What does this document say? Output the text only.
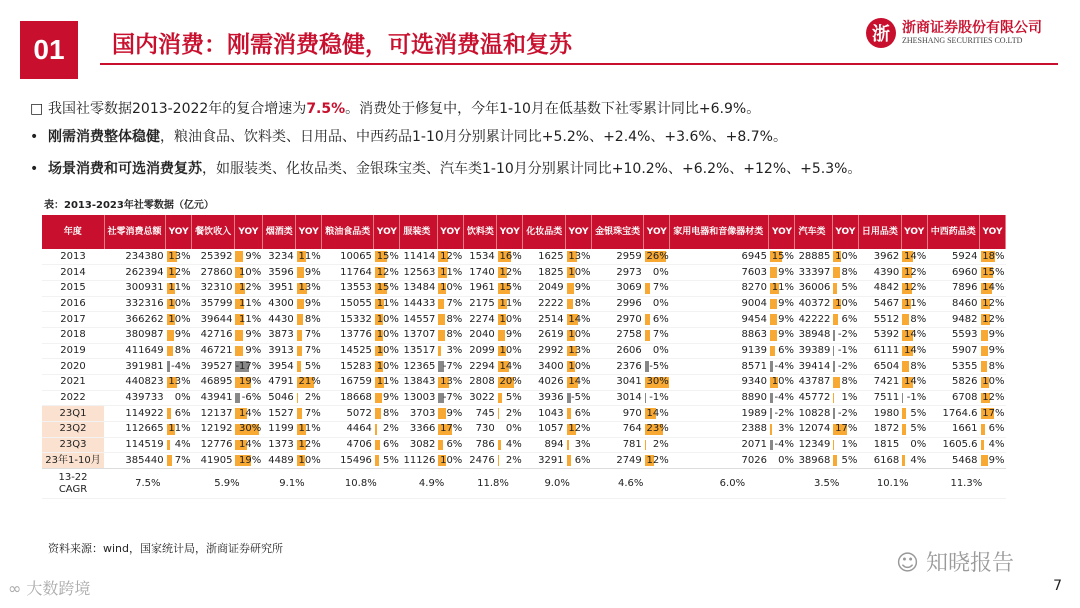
01	国内消费：刚需消费稳健，可选消费温和复苏	浙 浙商证券股份有限公司
ZHESHANG SECURITIES CO.LTD
□ 我国社零数据2013-2022年的复合增速为7.5%。消费处于修复中，今年1-10月在低基数下社零累计同比+6.9%。
• 刚需消费整体稳健，粮油食品、饮料类、日用品、中西药品1-10月分别累计同比+5.2%、+2.4%、+3.6%、+8.7%。
• 场景消费和可选消费复苏，如服装类、化妆品类、金银珠宝类、汽车类1-10月分别累计同比+10.2%、+6.2%、+12%、+5.3%。
表：2013-2023年社零数据（亿元）
年度	社零消费总额	YOY	餐饮收入	YOY	烟酒类	YOY	粮油食品类	YOY	服装类	YOY	饮料类	YOY	化妆品类	YOY	金银珠宝类	YOY	家用电器和音像器材类	YOY	汽车类	YOY	日用品类	YOY	中西药品类	YOY
2013	234380	13%	25392	9%	3234	11%	10065	15%	11414	12%	1534	16%	1625	13%	2959	26%	6945	15%	28885	10%	3962	14%	5924	18%
2014	262394	12%	27860	10%	3596	9%	11764	12%	12563	11%	1740	12%	1825	10%	2973	0%	7603	9%	33397	8%	4390	12%	6960	15%
2015	300931	11%	32310	12%	3951	13%	13553	15%	13484	10%	1961	15%	2049	9%	3069	7%	8270	11%	36006	5%	4842	12%	7896	14%
2016	332316	10%	35799	11%	4300	9%	15055	11%	14433	7%	2175	11%	2222	8%	2996	0%	9004	9%	40372	10%	5467	11%	8460	12%
2017	366262	10%	39644	11%	4430	8%	15332	10%	14557	8%	2274	10%	2514	14%	2970	6%	9454	9%	42222	6%	5512	8%	9482	12%
2018	380987	9%	42716	9%	3873	7%	13776	10%	13707	8%	2040	9%	2619	10%	2758	7%	8863	9%	38948	-2%	5392	14%	5593	9%
2019	411649	8%	46721	9%	3913	7%	14525	10%	13517	3%	2099	10%	2992	13%	2606	0%	9139	6%	39389	-1%	6111	14%	5907	9%
2020	391981	-4%	39527	-17%	3954	5%	15283	10%	12365	-7%	2294	14%	3400	10%	2376	-5%	8571	-4%	39414	-2%	6504	8%	5355	8%
2021	440823	13%	46895	19%	4791	21%	16759	11%	13843	13%	2808	20%	4026	14%	3041	30%	9340	10%	43787	8%	7421	14%	5826	10%
2022	439733	0%	43941	-6%	5046	2%	18668	9%	13003	-7%	3022	5%	3936	-5%	3014	-1%	8890	-4%	45772	1%	7511	-1%	6708	12%
23Q1	114922	6%	12137	14%	1527	7%	5072	8%	3703	9%	745	2%	1043	6%	970	14%	1989	-2%	10828	-2%	1980	5%	1764.6	17%
23Q2	112665	11%	12192	30%	1199	11%	4464	2%	3366	17%	730	0%	1057	12%	764	23%	2388	3%	12074	17%	1872	5%	1661	6%
23Q3	114519	4%	12776	14%	1373	12%	4706	6%	3082	6%	786	4%	894	3%	781	2%	2071	-4%	12349	1%	1815	0%	1605.6	4%
23年1-10月	385440	7%	41905	19%	4489	10%	15496	5%	11126	10%	2476	2%	3291	6%	2749	12%	7026	0%	38968	5%	6168	4%	5468	9%
13-22 CAGR	7.5%		5.9%		9.1%		10.8%		4.9%		11.8%		9.0%		4.6%		6.0%		3.5%		10.1%		11.3%	
资料来源：wind，国家统计局，浙商证券研究所
☺ 知晓报告
∞ 大数跨境	7
